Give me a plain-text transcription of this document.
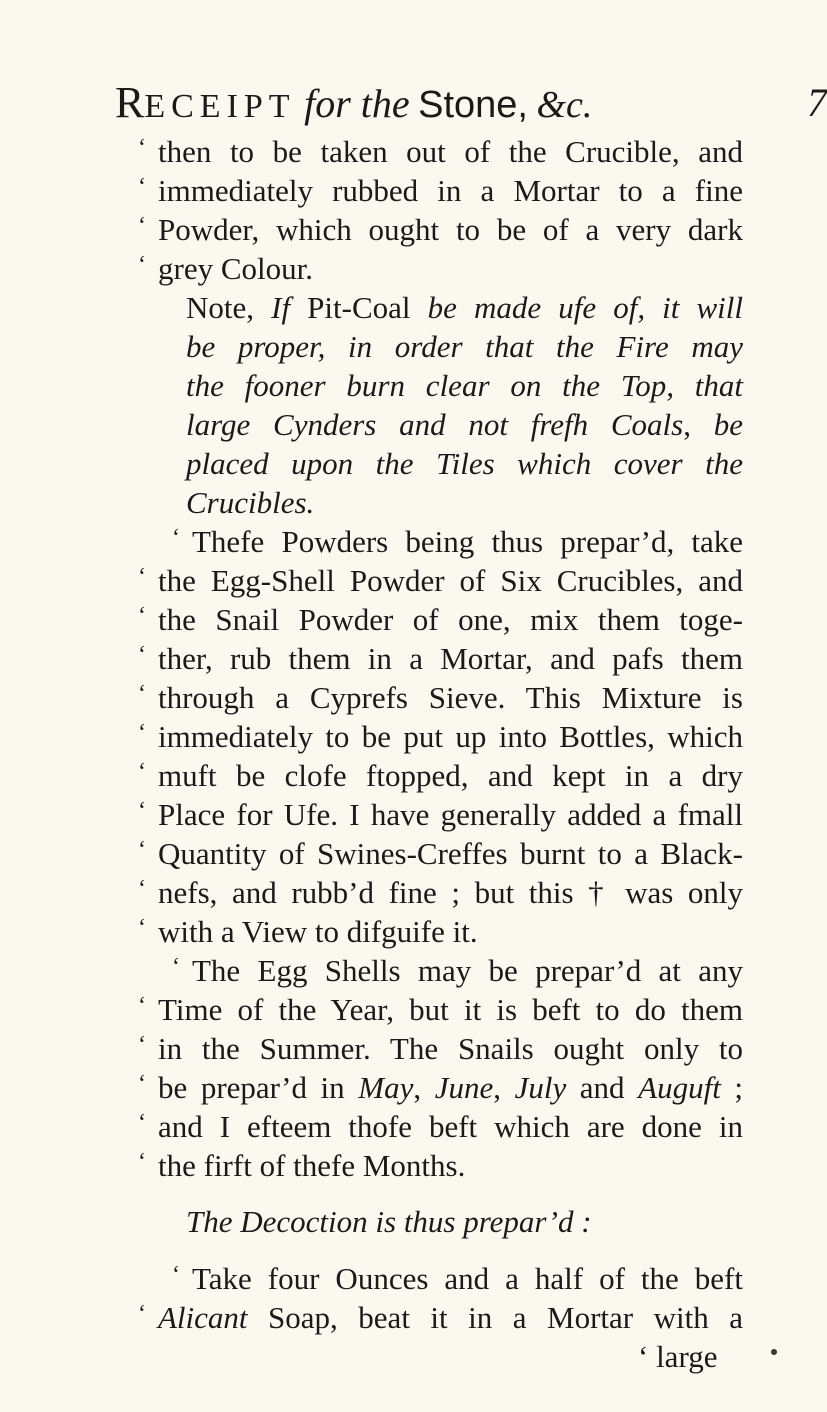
RECEIPT for the Stone, &c.	7
‘ then to be taken out of the Crucible, and
‘ immediately rubbed in a Mortar to a fine
‘ Powder, which ought to be of a very dark
‘ grey Colour.
Note, If Pit-Coal be made ufe of, it will
be proper, in order that the Fire may
the fooner burn clear on the Top, that
large Cynders and not frefh Coals, be
placed upon the Tiles which cover the
Crucibles.
‘ Thefe Powders being thus prepar’d, take
‘ the Egg-Shell Powder of Six Crucibles, and
‘ the Snail Powder of one, mix them toge-
‘ ther, rub them in a Mortar, and pafs them
‘ through a Cyprefs Sieve. This Mixture is
‘ immediately to be put up into Bottles, which
‘ muft be clofe ftopped, and kept in a dry
‘ Place for Ufe. I have generally added a fmall
‘ Quantity of Swines-Creffes burnt to a Black-
‘ nefs, and rubb’d fine ; but this † was only
‘ with a View to difguife it.
‘ The Egg Shells may be prepar’d at any
‘ Time of the Year, but it is beft to do them
‘ in the Summer. The Snails ought only to
‘ be prepar’d in May, June, July and Auguft ;
‘ and I efteem thofe beft which are done in
‘ the firft of thefe Months.
The Decoction is thus prepar’d :
‘ Take four Ounces and a half of the beft
‘ Alicant Soap, beat it in a Mortar with a
‘ large
